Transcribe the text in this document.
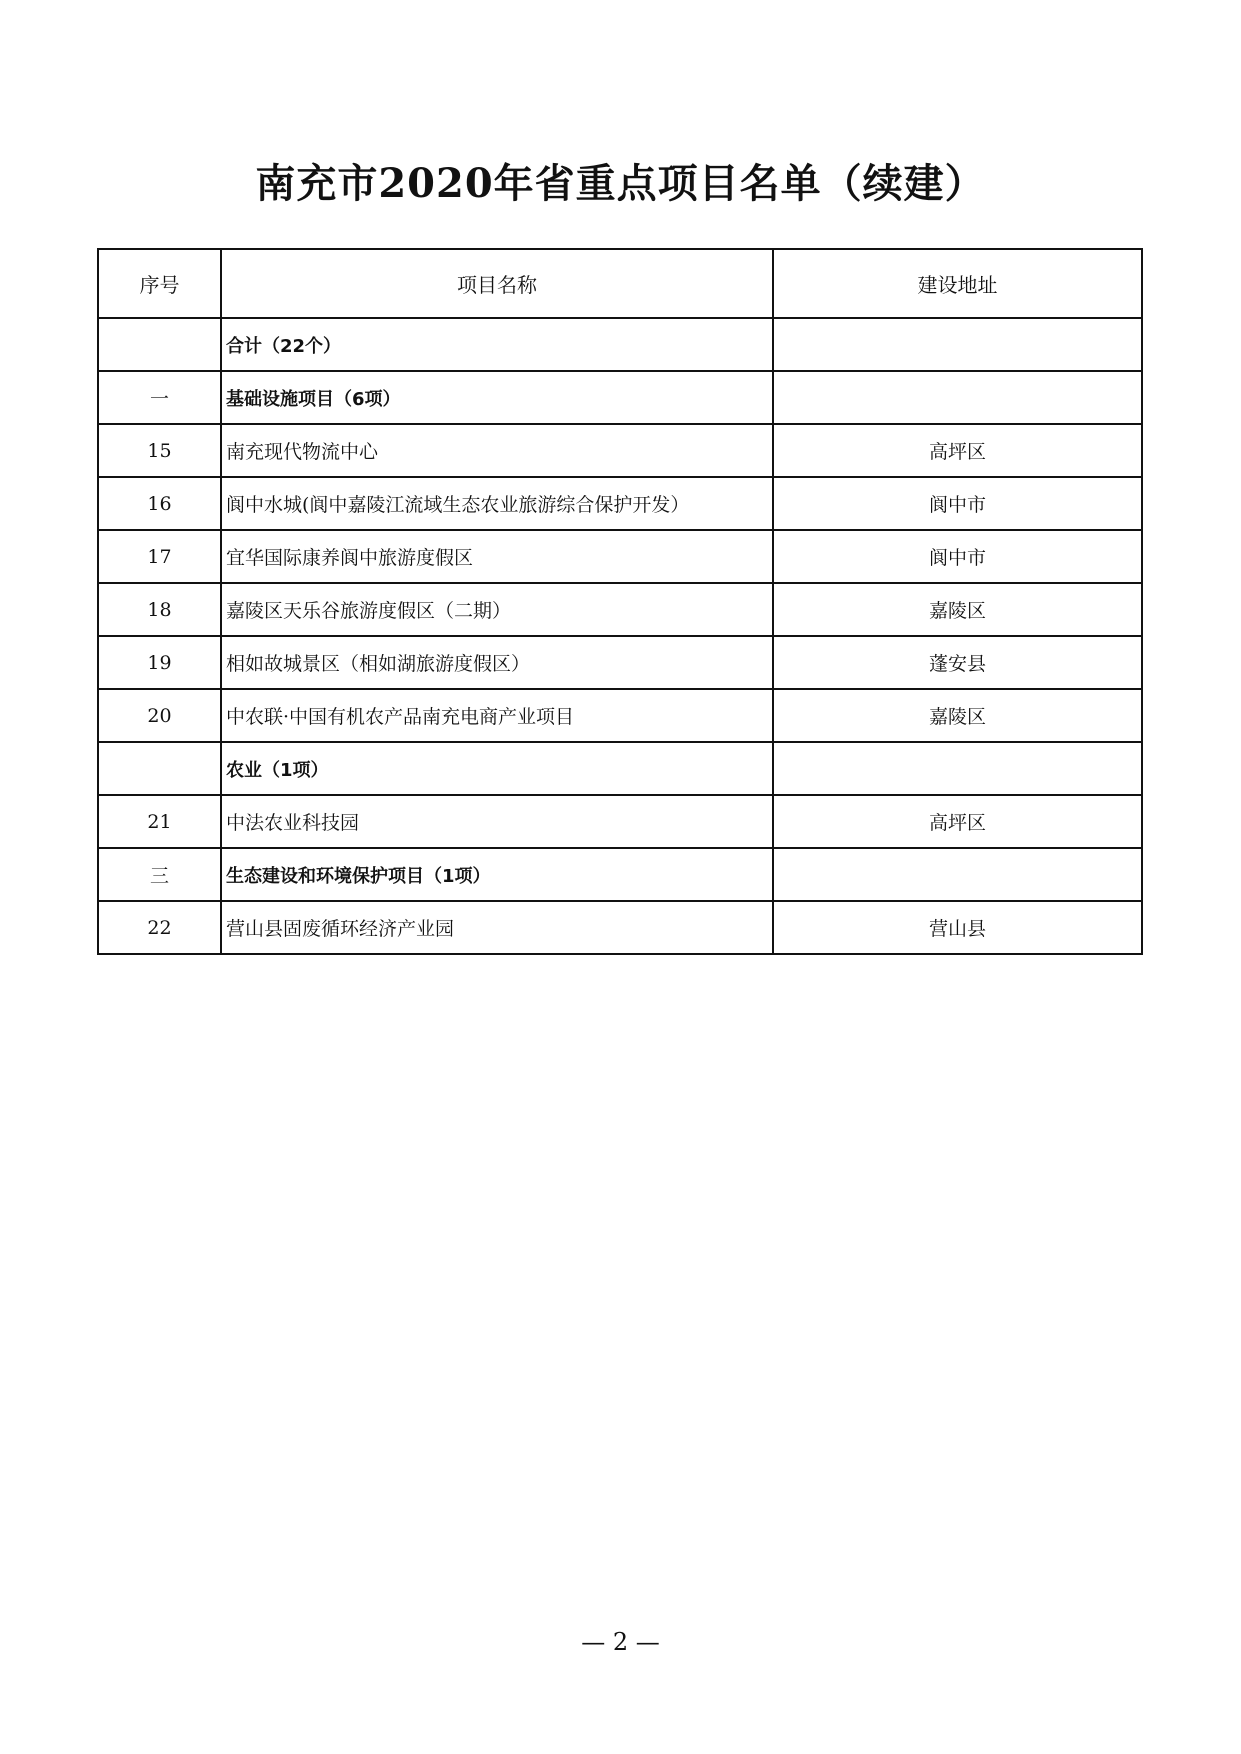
南充市2020年省重点项目名单（续建）
序号	项目名称	建设地址
	合计（22个）	
一	基础设施项目（6项）	
15	南充现代物流中心	高坪区
16	阆中水城(阆中嘉陵江流域生态农业旅游综合保护开发）	阆中市
17	宜华国际康养阆中旅游度假区	阆中市
18	嘉陵区天乐谷旅游度假区（二期）	嘉陵区
19	相如故城景区（相如湖旅游度假区）	蓬安县
20	中农联·中国有机农产品南充电商产业项目	嘉陵区
	农业（1项）	
21	中法农业科技园	高坪区
三	生态建设和环境保护项目（1项）	
22	营山县固废循环经济产业园	营山县
— 2 —
